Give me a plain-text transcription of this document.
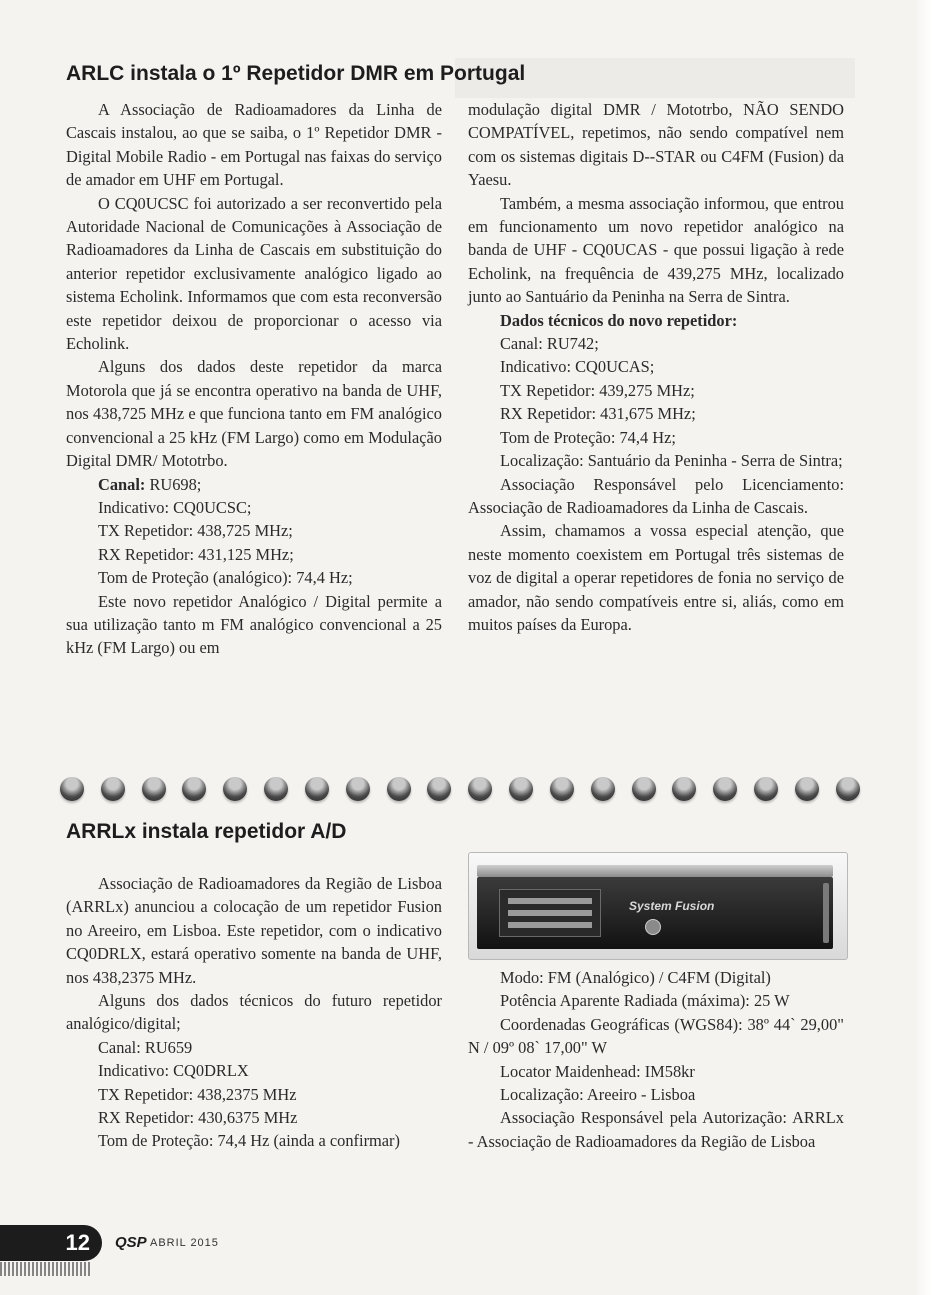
ARLC instala o 1º Repetidor DMR em Portugal

A Associação de Radioamadores da Linha de Cascais instalou, ao que se saiba, o 1º Repetidor DMR - Digital Mobile Radio - em Portugal nas faixas do serviço de amador em UHF em Portugal.

O CQ0UCSC foi autorizado a ser reconvertido pela Autoridade Nacional de Comunicações à Associação de Radioamadores da Linha de Cascais em substituição do anterior repetidor exclusivamente analógico ligado ao sistema Echolink. Informamos que com esta reconversão este repetidor deixou de proporcionar o acesso via Echolink.

Alguns dos dados deste repetidor da marca Motorola que já se encontra operativo na banda de UHF, nos 438,725 MHz e que funciona tanto em FM analógico convencional a 25 kHz (FM Largo) como em Modulação Digital DMR/ Mototrbo.

Canal: RU698;

Indicativo: CQ0UCSC;

TX Repetidor: 438,725 MHz;

RX Repetidor: 431,125 MHz;

Tom de Proteção (analógico): 74,4 Hz;

Este novo repetidor Analógico / Digital permite a sua utilização tanto m FM analógico convencional a 25 kHz (FM Largo) ou em

modulação digital DMR / Mototrbo, NÃO SENDO COMPATÍVEL, repetimos, não sendo compatível nem com os sistemas digitais D--STAR ou C4FM (Fusion) da Yaesu.

Também, a mesma associação informou, que entrou em funcionamento um novo repetidor analógico na banda de UHF - CQ0UCAS - que possui ligação à rede Echolink, na frequência de 439,275 MHz, localizado junto ao Santuário da Peninha na Serra de Sintra.

Dados técnicos do novo repetidor:

Canal: RU742;

Indicativo: CQ0UCAS;

TX Repetidor: 439,275 MHz;

RX Repetidor: 431,675 MHz;

Tom de Proteção: 74,4 Hz;

Localização: Santuário da Peninha - Serra de Sintra;

Associação Responsável pelo Licenciamento: Associação de Radioamadores da Linha de Cascais.

Assim, chamamos a vossa especial atenção, que neste momento coexistem em Portugal três sistemas de voz de digital a operar repetidores de fonia no serviço de amador, não sendo compatíveis entre si, aliás, como em muitos países da Europa.

ARRLx instala repetidor A/D

Associação de Radioamadores da Região de Lisboa (ARRLx) anunciou a colocação de um repetidor Fusion no Areeiro, em Lisboa. Este repetidor, com o indicativo CQ0DRLX, estará operativo somente na banda de UHF, nos 438,2375 MHz.

Alguns dos dados técnicos do futuro repetidor analógico/digital;

Canal: RU659

Indicativo: CQ0DRLX

TX Repetidor: 438,2375 MHz

RX Repetidor: 430,6375 MHz

Tom de Proteção: 74,4 Hz (ainda a confirmar)

System Fusion

Modo: FM (Analógico) / C4FM (Digital)

Potência Aparente Radiada (máxima): 25 W

Coordenadas Geográficas (WGS84): 38º 44` 29,00" N / 09º 08` 17,00" W

Locator Maidenhead: IM58kr

Localização: Areeiro - Lisboa

Associação Responsável pela Autorização: ARRLx - Associação de Radioamadores da Região de Lisboa

12	QSP ABRIL 2015
